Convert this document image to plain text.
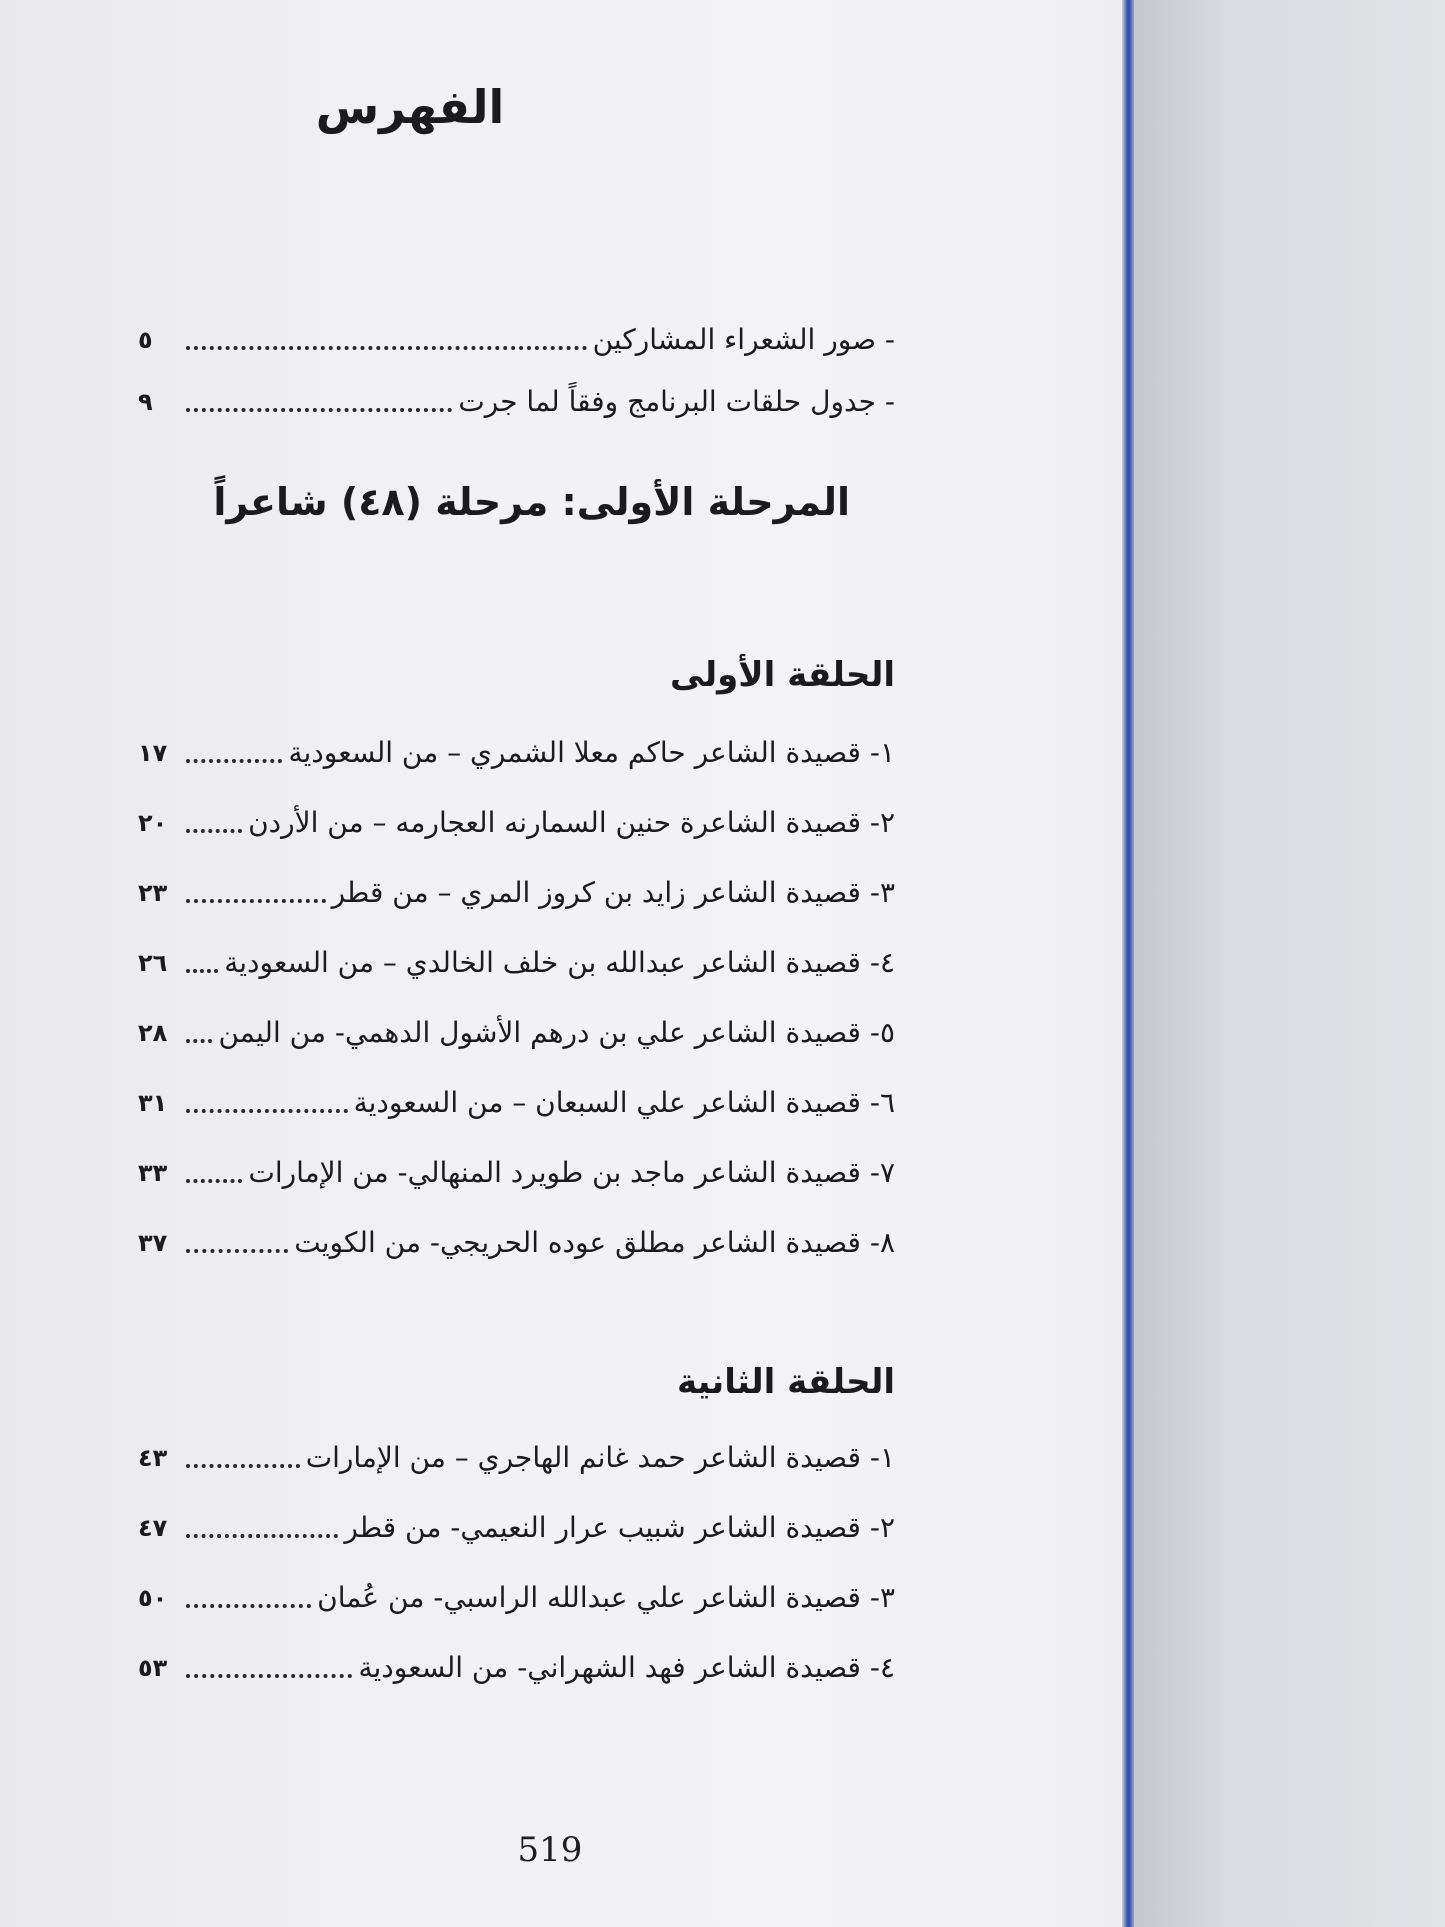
الفهرس
- صور الشعراء المشاركين
٥
- جدول حلقات البرنامج وفقاً لما جرت
٩
المرحلة الأولى: مرحلة (٤٨) شاعراً
الحلقة الأولى
١- قصيدة الشاعر حاكم معلا الشمري – من السعودية
١٧
٢- قصيدة الشاعرة حنين السمارنه العجارمه – من الأردن
٢٠
٣- قصيدة الشاعر زايد بن كروز المري – من قطر
٢٣
٤- قصيدة الشاعر عبدالله بن خلف الخالدي – من السعودية
٢٦
٥- قصيدة الشاعر علي بن درهم الأشول الدهمي- من اليمن
٢٨
٦- قصيدة الشاعر علي السبعان – من السعودية
٣١
٧- قصيدة الشاعر ماجد بن طويرد المنهالي- من الإمارات
٣٣
٨- قصيدة الشاعر مطلق عوده الحريجي- من الكويت
٣٧
الحلقة الثانية
١- قصيدة الشاعر حمد غانم الهاجري – من الإمارات
٤٣
٢- قصيدة الشاعر شبيب عرار النعيمي- من قطر
٤٧
٣- قصيدة الشاعر علي عبدالله الراسبي- من عُمان
٥٠
٤- قصيدة الشاعر فهد الشهراني- من السعودية
٥٣
519
